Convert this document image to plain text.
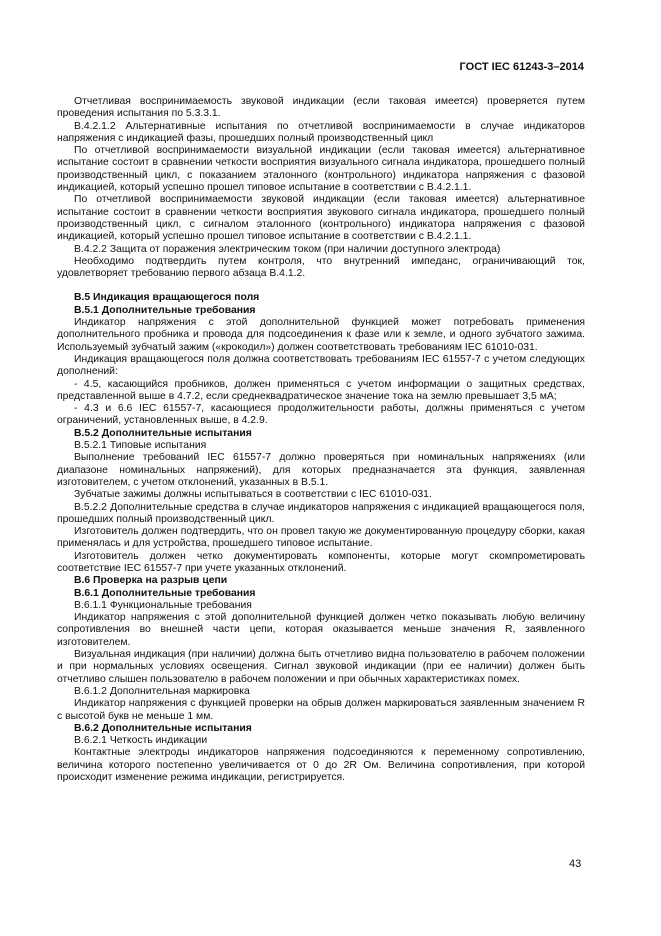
ГОСТ IEC 61243-3–2014

Отчетливая воспринимаемость звуковой индикации (если таковая имеется) проверяется путем проведения испытания по 5.3.3.1.

В.4.2.1.2 Альтернативные испытания по отчетливой воспринимаемости в случае индикаторов напряжения с индикацией фазы, прошедших полный производственный цикл

По отчетливой воспринимаемости визуальной индикации (если таковая имеется) альтернативное испытание состоит в сравнении четкости восприятия визуального сигнала индикатора, прошедшего полный производственный цикл, с показанием эталонного (контрольного) индикатора напряжения с фазовой индикацией, который успешно прошел типовое испытание в соответствии с В.4.2.1.1.

По отчетливой воспринимаемости звуковой индикации (если таковая имеется) альтернативное испытание состоит в сравнении четкости восприятия звукового сигнала индикатора, прошедшего полный производственный цикл, с сигналом эталонного (контрольного) индикатора напряжения с фазовой индикацией, который успешно прошел типовое испытание в соответствии с В.4.2.1.1.

В.4.2.2 Защита от поражения электрическим током (при наличии доступного электрода)

Необходимо подтвердить путем контроля, что внутренний импеданс, ограничивающий ток, удовлетворяет требованию первого абзаца В.4.1.2.

В.5 Индикация вращающегося поля

В.5.1 Дополнительные требования

Индикатор напряжения с этой дополнительной функцией может потребовать применения дополнительного пробника и провода для подсоединения к фазе или к земле, и одного зубчатого зажима. Используемый зубчатый зажим («крокодил») должен соответствовать требованиям IEC 61010-031.

Индикация вращающегося поля должна соответствовать требованиям IEC 61557-7 с учетом следующих дополнений:

- 4.5, касающийся пробников, должен применяться с учетом информации о защитных средствах, представленной выше в 4.7.2, если среднеквадратическое значение тока на землю превышает 3,5 мА;

- 4.3 и 6.6 IEC 61557-7, касающиеся продолжительности работы, должны применяться с учетом ограничений, установленных выше, в 4.2.9.

В.5.2 Дополнительные испытания

В.5.2.1 Типовые испытания

Выполнение требований IEC 61557-7 должно проверяться при номинальных напряжениях (или диапазоне номинальных напряжений), для которых предназначается эта функция, заявленная изготовителем, с учетом отклонений, указанных в В.5.1.

Зубчатые зажимы должны испытываться в соответствии с IEC 61010-031.

В.5.2.2 Дополнительные средства в случае индикаторов напряжения с индикацией вращающегося поля, прошедших полный производственный цикл.

Изготовитель должен подтвердить, что он провел такую же документированную процедуру сборки, какая применялась и для устройства, прошедшего типовое испытание.

Изготовитель должен четко документировать компоненты, которые могут скомпрометировать соответствие IEC 61557-7 при учете указанных отклонений.

В.6 Проверка на разрыв цепи

В.6.1 Дополнительные требования

В.6.1.1 Функциональные требования

Индикатор напряжения с этой дополнительной функцией должен четко показывать любую величину сопротивления во внешней части цепи, которая оказывается меньше значения R, заявленного изготовителем.

Визуальная индикация (при наличии) должна быть отчетливо видна пользователю в рабочем положении и при нормальных условиях освещения. Сигнал звуковой индикации (при ее наличии) должен быть отчетливо слышен пользователю в рабочем положении и при обычных характеристиках помех.

В.6.1.2 Дополнительная маркировка

Индикатор напряжения с функцией проверки на обрыв должен маркироваться заявленным значением R с высотой букв не меньше 1 мм.

В.6.2 Дополнительные испытания

В.6.2.1 Четкость индикации

Контактные электроды индикаторов напряжения подсоединяются к переменному сопротивлению, величина которого постепенно увеличивается от 0 до 2R Ом. Величина сопротивления, при которой происходит изменение режима индикации, регистрируется.

43
